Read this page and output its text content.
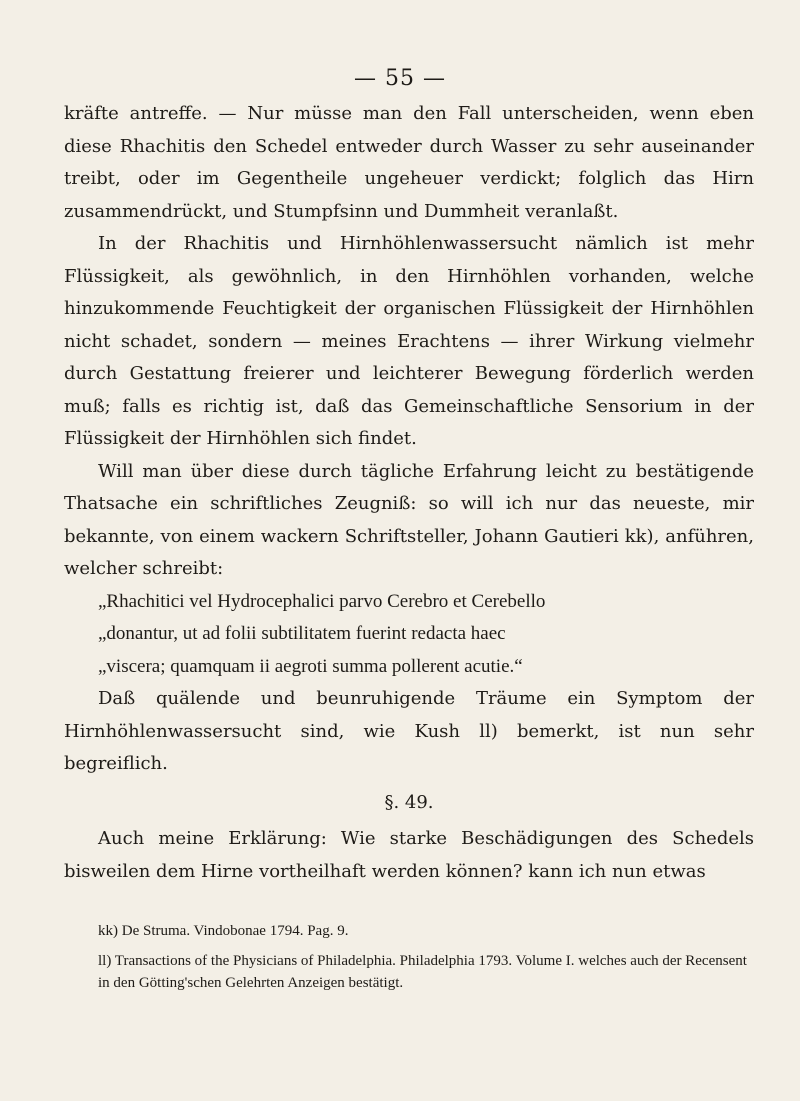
— 55 —

kräfte antreffe. — Nur müsse man den Fall unterscheiden, wenn eben diese Rhachitis den Schedel entweder durch Wasser zu sehr auseinander treibt, oder im Gegentheile ungeheuer verdickt; folglich das Hirn zusammendrückt, und Stumpfsinn und Dummheit veranlaßt.

In der Rhachitis und Hirnhöhlenwassersucht nämlich ist mehr Flüssigkeit, als gewöhnlich, in den Hirnhöhlen vorhanden, welche hinzukommende Feuchtigkeit der organischen Flüssigkeit der Hirnhöhlen nicht schadet, sondern — meines Erachtens — ihrer Wirkung vielmehr durch Gestattung freierer und leichterer Bewegung förderlich werden muß; falls es richtig ist, daß das Gemeinschaftliche Sensorium in der Flüssigkeit der Hirnhöhlen sich findet.

Will man über diese durch tägliche Erfahrung leicht zu bestätigende Thatsache ein schriftliches Zeugniß: so will ich nur das neueste, mir bekannte, von einem wackern Schriftsteller, Johann Gautieri kk), anführen, welcher schreibt:

„Rhachitici vel Hydrocephalici parvo Cerebro et Cerebello

„donantur, ut ad folii subtilitatem fuerint redacta haec

„viscera; quamquam ii aegroti summa pollerent acutie.“

Daß quälende und beunruhigende Träume ein Symptom der Hirnhöhlenwassersucht sind, wie Kush ll) bemerkt, ist nun sehr begreiflich.

§. 49.

Auch meine Erklärung: Wie starke Beschädigungen des Schedels bisweilen dem Hirne vortheilhaft werden können? kann ich nun etwas

kk) De Struma. Vindobonae 1794. Pag. 9.

ll) Transactions of the Physicians of Philadelphia. Philadelphia 1793. Volume I. welches auch der Recensent in den Götting'schen Gelehrten Anzeigen bestätigt.
